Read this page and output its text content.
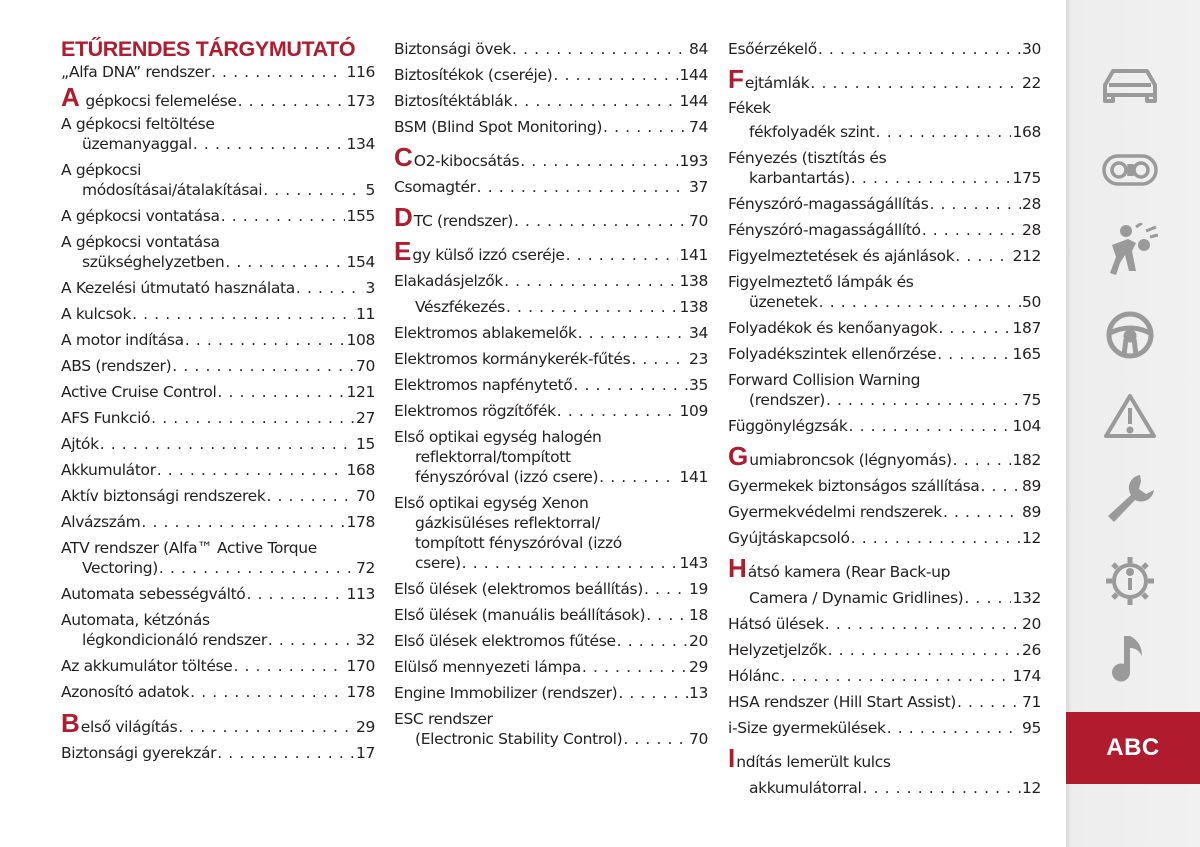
ETŰRENDES TÁRGYMUTATÓ
„Alfa DNA” rendszer . . .	116
A gépkocsi felemelése . . .	173
A gépkocsi feltöltése
üzemanyaggal . . .	134
A gépkocsi
módosításai/átalakításai . . .	5
A gépkocsi vontatása . . .	155
A gépkocsi vontatása
szükséghelyzetben . . .	154
A Kezelési útmutató használata . . .	3
A kulcsok . . .	11
A motor indítása . . .	108
ABS (rendszer) . . .	70
Active Cruise Control . . .	121
AFS Funkció . . .	27
Ajtók . . .	15
Akkumulátor . . .	168
Aktív biztonsági rendszerek . . .	70
Alvázszám . . .	178
ATV rendszer (Alfa™ Active Torque
Vectoring) . . .	72
Automata sebességváltó . . .	113
Automata, kétzónás
légkondicionáló rendszer . . .	32
Az akkumulátor töltése . . .	170
Azonosító adatok . . .	178
Belső világítás . . .	29
Biztonsági gyerekzár . . .	17
Biztonsági övek . . .	84
Biztosítékok (cseréje) . . .	144
Biztosítéktáblák . . .	144
BSM (Blind Spot Monitoring) . . .	74
CO2-kibocsátás . . .	193
Csomagtér . . .	37
DTC (rendszer) . . .	70
Egy külső izzó cseréje . . .	141
Elakadásjelzők . . .	138
Vészfékezés . . .	138
Elektromos ablakemelők . . .	34
Elektromos kormánykerék-fűtés . . .	23
Elektromos napfénytető . . .	35
Elektromos rögzítőfék . . .	109
Első optikai egység halogén
reflektorral/tompított
fényszóróval (izzó csere) . . .	141
Első optikai egység Xenon
gázkisüléses reflektorral/
tompított fényszóróval (izzó
csere) . . .	143
Első ülések (elektromos beállítás) . . .	19
Első ülések (manuális beállítások) . . .	18
Első ülések elektromos fűtése . . .	20
Elülső mennyezeti lámpa . . .	29
Engine Immobilizer (rendszer) . . .	13
ESC rendszer
(Electronic Stability Control) . . .	70
Esőérzékelő . . .	30
Fejtámlák . . .	22
Fékek
fékfolyadék szint . . .	168
Fényezés (tisztítás és
karbantartás) . . .	175
Fényszóró-magasságállítás . . .	28
Fényszóró-magasságállító . . .	28
Figyelmeztetések és ajánlások . . .	212
Figyelmeztető lámpák és
üzenetek . . .	50
Folyadékok és kenőanyagok . . .	187
Folyadékszintek ellenőrzése . . .	165
Forward Collision Warning
(rendszer) . . .	75
Függönylégzsák . . .	104
Gumiabroncsok (légnyomás) . . .	182
Gyermekek biztonságos szállítása . . .	89
Gyermekvédelmi rendszerek . . .	89
Gyújtáskapcsoló . . .	12
Hátsó kamera (Rear Back-up
Camera / Dynamic Gridlines) . . .	132
Hátsó ülések . . .	20
Helyzetjelzők . . .	26
Hólánc . . .	174
HSA rendszer (Hill Start Assist) . . .	71
i-Size gyermekülések . . .	95
Indítás lemerült kulcs
akkumulátorral . . .	12
ABC
